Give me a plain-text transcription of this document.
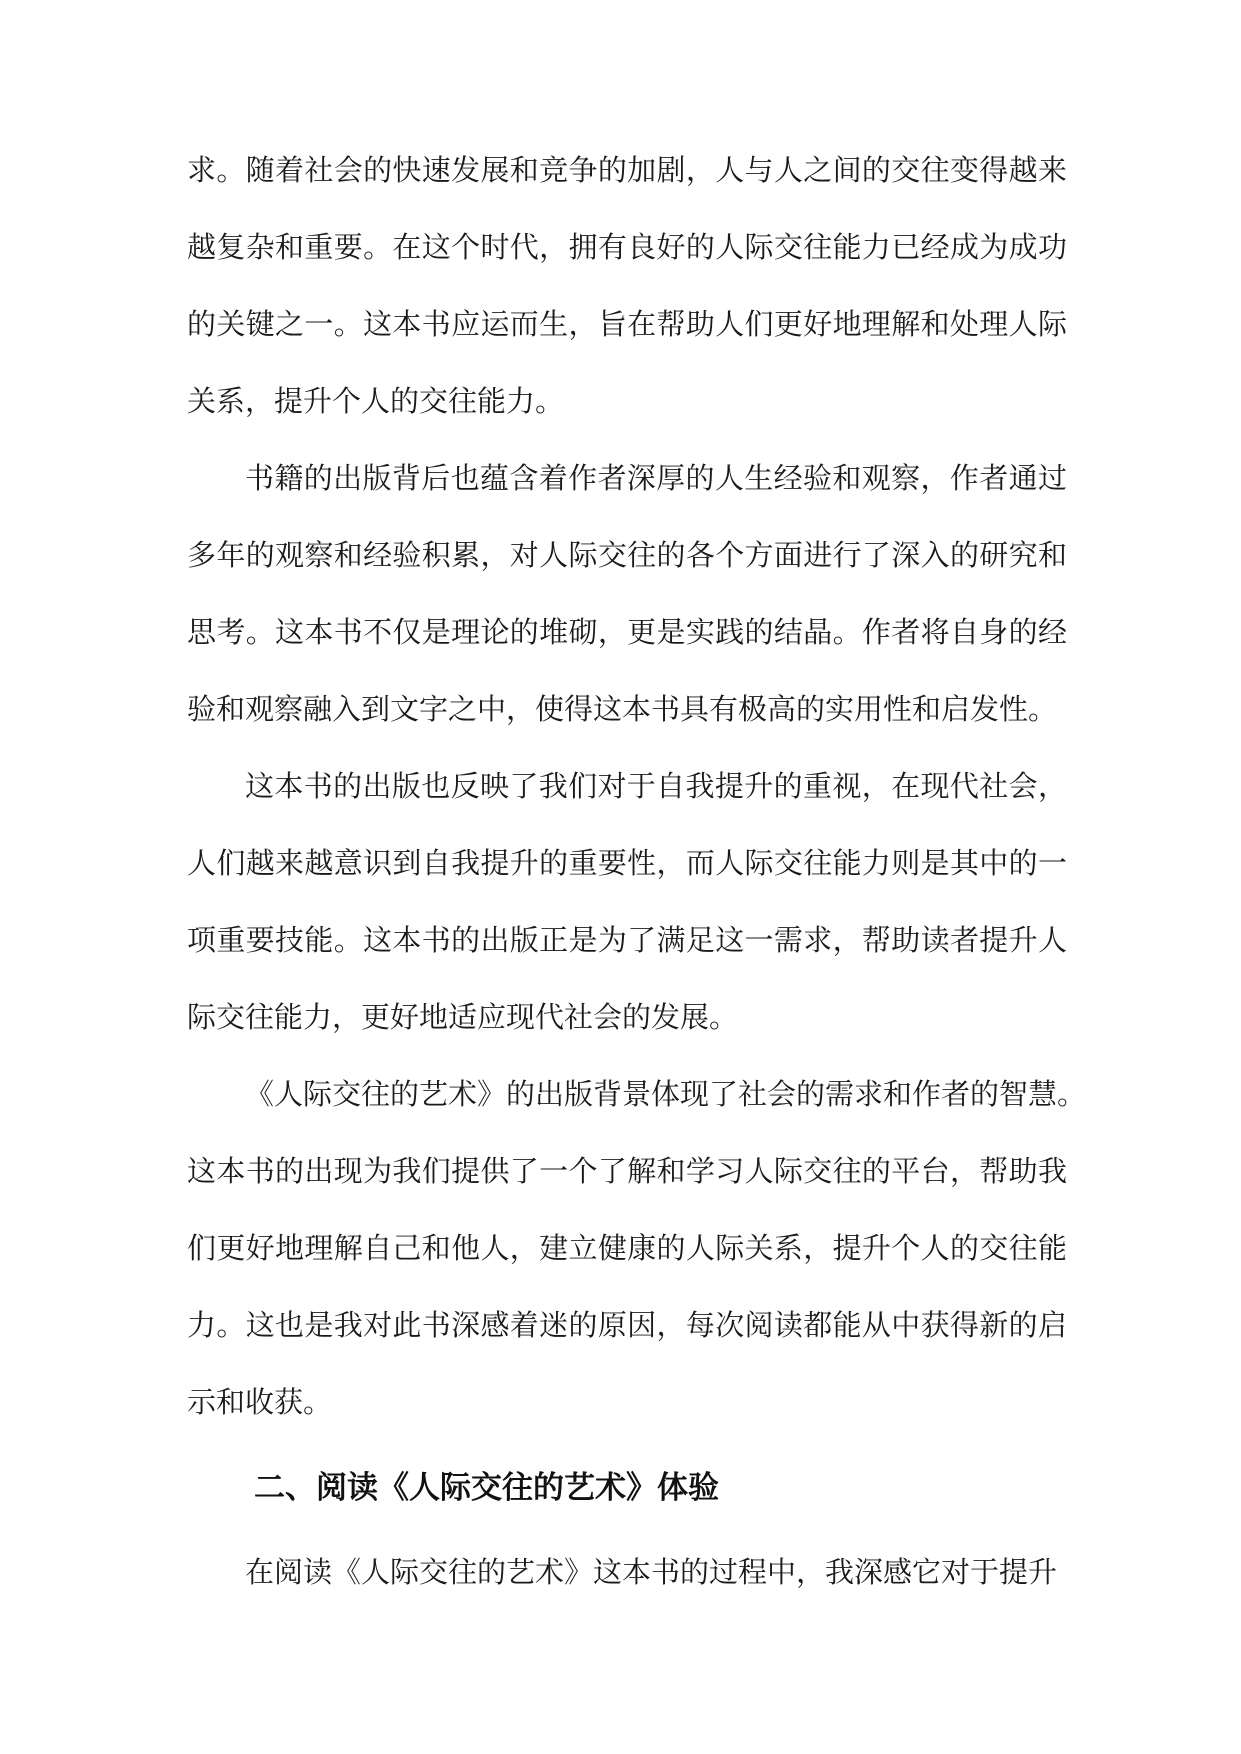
求。随着社会的快速发展和竞争的加剧，人与人之间的交往变得越来
越复杂和重要。在这个时代，拥有良好的人际交往能力已经成为成功
的关键之一。这本书应运而生，旨在帮助人们更好地理解和处理人际
关系，提升个人的交往能力。
书籍的出版背后也蕴含着作者深厚的人生经验和观察，作者通过
多年的观察和经验积累，对人际交往的各个方面进行了深入的研究和
思考。这本书不仅是理论的堆砌，更是实践的结晶。作者将自身的经
验和观察融入到文字之中，使得这本书具有极高的实用性和启发性。
这本书的出版也反映了我们对于自我提升的重视，在现代社会，
人们越来越意识到自我提升的重要性，而人际交往能力则是其中的一
项重要技能。这本书的出版正是为了满足这一需求，帮助读者提升人
际交往能力，更好地适应现代社会的发展。
《人际交往的艺术》的出版背景体现了社会的需求和作者的智慧。
这本书的出现为我们提供了一个了解和学习人际交往的平台，帮助我
们更好地理解自己和他人，建立健康的人际关系，提升个人的交往能
力。这也是我对此书深感着迷的原因，每次阅读都能从中获得新的启
示和收获。
二、阅读《人际交往的艺术》体验
在阅读《人际交往的艺术》这本书的过程中，我深感它对于提升
